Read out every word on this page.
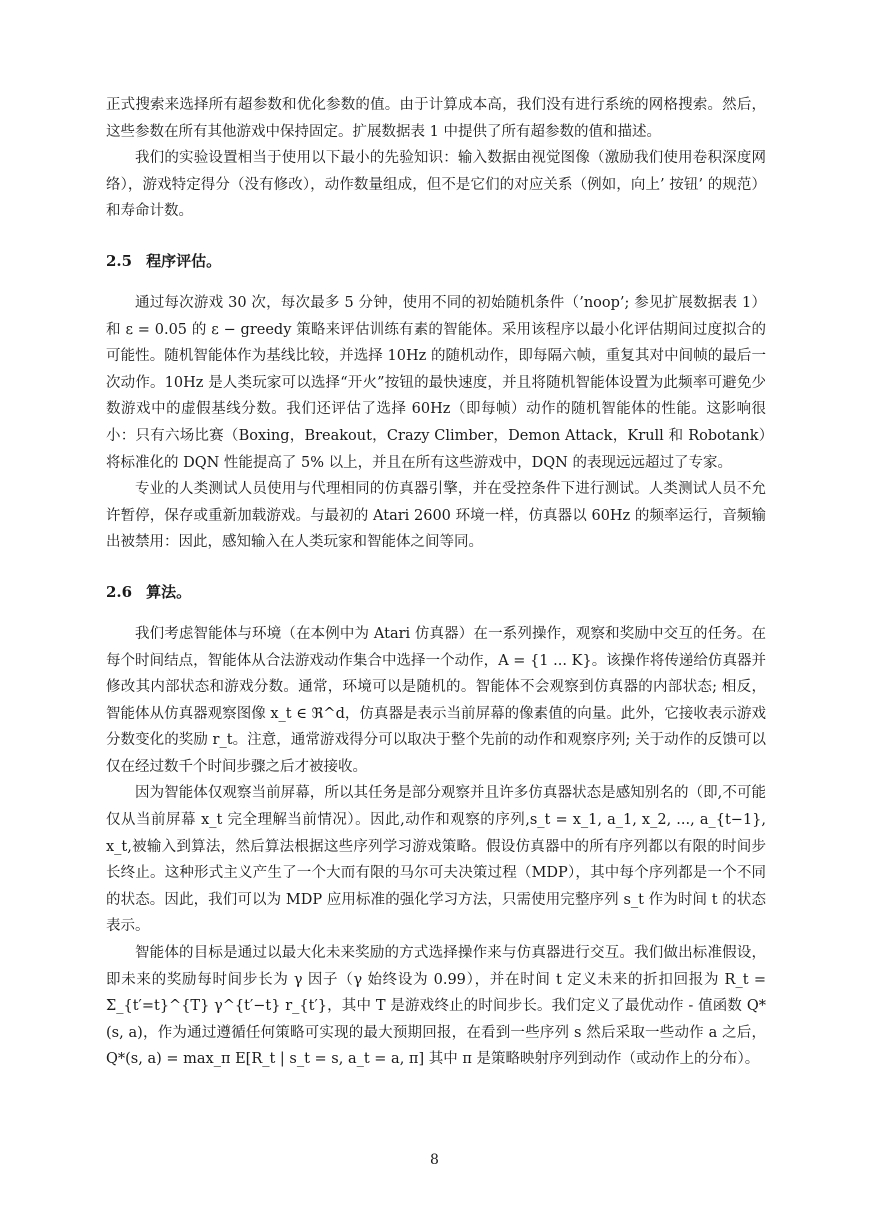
正式搜索来选择所有超参数和优化参数的值。由于计算成本高，我们没有进行系统的网格搜索。然后，这些参数在所有其他游戏中保持固定。扩展数据表 1 中提供了所有超参数的值和描述。

我们的实验设置相当于使用以下最小的先验知识：输入数据由视觉图像（激励我们使用卷积深度网络），游戏特定得分（没有修改），动作数量组成，但不是它们的对应关系（例如，向上’ 按钮’ 的规范）和寿命计数。

2.5 程序评估。

通过每次游戏 30 次，每次最多 5 分钟，使用不同的初始随机条件（’noop’; 参见扩展数据表 1）和 ε = 0.05 的 ε − greedy 策略来评估训练有素的智能体。采用该程序以最小化评估期间过度拟合的可能性。随机智能体作为基线比较，并选择 10Hz 的随机动作，即每隔六帧，重复其对中间帧的最后一次动作。10Hz 是人类玩家可以选择“开火”按钮的最快速度，并且将随机智能体设置为此频率可避免少数游戏中的虚假基线分数。我们还评估了选择 60Hz（即每帧）动作的随机智能体的性能。这影响很小：只有六场比赛（Boxing，Breakout，Crazy Climber，Demon Attack，Krull 和 Robotank）将标准化的 DQN 性能提高了 5% 以上，并且在所有这些游戏中，DQN 的表现远远超过了专家。

专业的人类测试人员使用与代理相同的仿真器引擎，并在受控条件下进行测试。人类测试人员不允许暂停，保存或重新加载游戏。与最初的 Atari 2600 环境一样，仿真器以 60Hz 的频率运行，音频输出被禁用：因此，感知输入在人类玩家和智能体之间等同。

2.6 算法。

我们考虑智能体与环境（在本例中为 Atari 仿真器）在一系列操作，观察和奖励中交互的任务。在每个时间结点，智能体从合法游戏动作集合中选择一个动作，A = {1 ... K}。该操作将传递给仿真器并修改其内部状态和游戏分数。通常，环境可以是随机的。智能体不会观察到仿真器的内部状态; 相反，智能体从仿真器观察图像 x_t ∈ ℜ^d，仿真器是表示当前屏幕的像素值的向量。此外，它接收表示游戏分数变化的奖励 r_t。注意，通常游戏得分可以取决于整个先前的动作和观察序列; 关于动作的反馈可以仅在经过数千个时间步骤之后才被接收。

因为智能体仅观察当前屏幕，所以其任务是部分观察并且许多仿真器状态是感知别名的（即,不可能仅从当前屏幕 x_t 完全理解当前情况）。因此,动作和观察的序列,s_t = x_1, a_1, x_2, ..., a_{t−1}, x_t,被输入到算法，然后算法根据这些序列学习游戏策略。假设仿真器中的所有序列都以有限的时间步长终止。这种形式主义产生了一个大而有限的马尔可夫决策过程（MDP），其中每个序列都是一个不同的状态。因此，我们可以为 MDP 应用标准的强化学习方法，只需使用完整序列 s_t 作为时间 t 的状态表示。

智能体的目标是通过以最大化未来奖励的方式选择操作来与仿真器进行交互。我们做出标准假设，即未来的奖励每时间步长为 γ 因子（γ 始终设为 0.99），并在时间 t 定义未来的折扣回报为 R_t = Σ_{t′=t}^{T} γ^{t′−t} r_{t′}，其中 T 是游戏终止的时间步长。我们定义了最优动作 - 值函数 Q*(s, a)，作为通过遵循任何策略可实现的最大预期回报，在看到一些序列 s 然后采取一些动作 a 之后，Q*(s, a) = max_π E[R_t | s_t = s, a_t = a, π] 其中 π 是策略映射序列到动作（或动作上的分布）。

8
